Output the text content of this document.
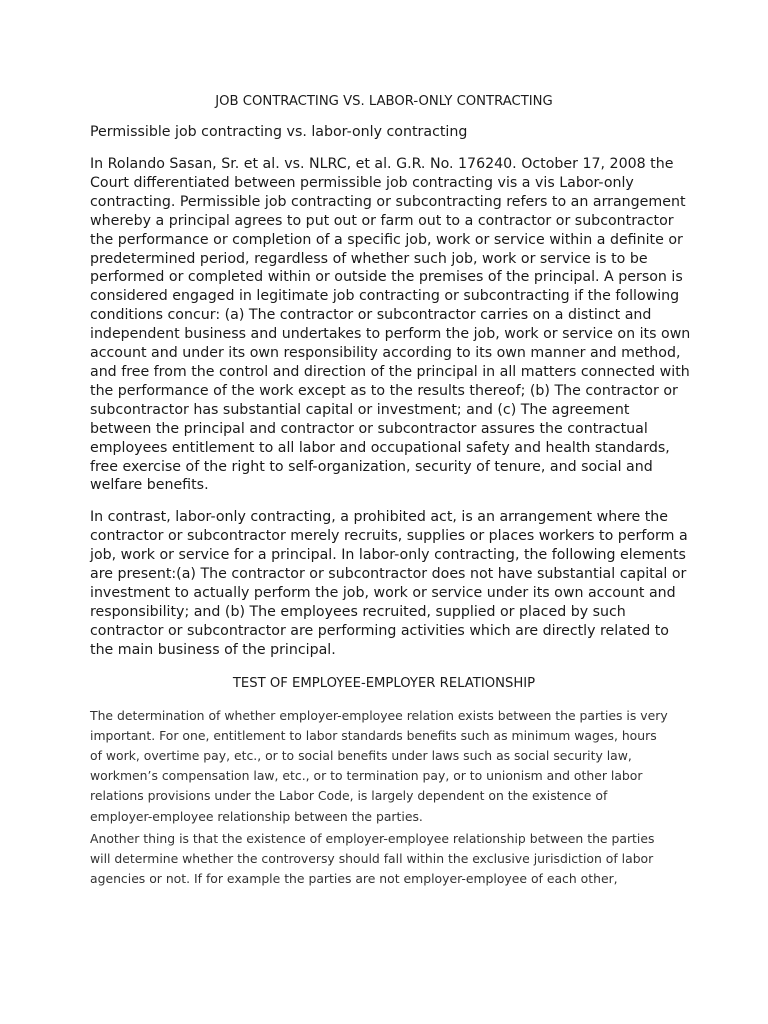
JOB CONTRACTING VS. LABOR-ONLY CONTRACTING

Permissible job contracting vs. labor-only contracting

In Rolando Sasan, Sr. et al. vs. NLRC, et al. G.R. No. 176240. October 17, 2008 the
Court differentiated between permissible job contracting vis a vis Labor-only
contracting. Permissible job contracting or subcontracting refers to an arrangement
whereby a principal agrees to put out or farm out to a contractor or subcontractor
the performance or completion of a specific job, work or service within a definite or
predetermined period, regardless of whether such job, work or service is to be
performed or completed within or outside the premises of the principal. A person is
considered engaged in legitimate job contracting or subcontracting if the following
conditions concur: (a) The contractor or subcontractor carries on a distinct and
independent business and undertakes to perform the job, work or service on its own
account and under its own responsibility according to its own manner and method,
and free from the control and direction of the principal in all matters connected with
the performance of the work except as to the results thereof; (b) The contractor or
subcontractor has substantial capital or investment; and (c) The agreement
between the principal and contractor or subcontractor assures the contractual
employees entitlement to all labor and occupational safety and health standards,
free exercise of the right to self-organization, security of tenure, and social and
welfare benefits.

In contrast, labor-only contracting, a prohibited act, is an arrangement where the
contractor or subcontractor merely recruits, supplies or places workers to perform a
job, work or service for a principal. In labor-only contracting, the following elements
are present:(a) The contractor or subcontractor does not have substantial capital or
investment to actually perform the job, work or service under its own account and
responsibility; and (b) The employees recruited, supplied or placed by such
contractor or subcontractor are performing activities which are directly related to
the main business of the principal.

TEST OF EMPLOYEE-EMPLOYER RELATIONSHIP

The determination of whether employer-employee relation exists between the parties is very
important. For one, entitlement to labor standards benefits such as minimum wages, hours
of work, overtime pay, etc., or to social benefits under laws such as social security law,
workmen’s compensation law, etc., or to termination pay, or to unionism and other labor
relations provisions under the Labor Code, is largely dependent on the existence of
employer-employee relationship between the parties.

Another thing is that the existence of employer-employee relationship between the parties
will determine whether the controversy should fall within the exclusive jurisdiction of labor
agencies or not. If for example the parties are not employer-employee of each other,
